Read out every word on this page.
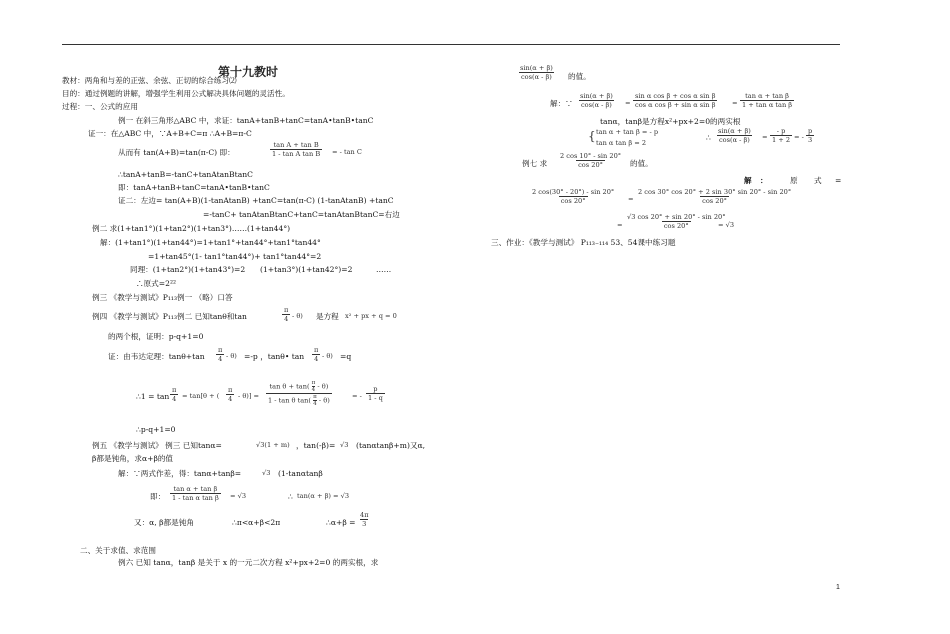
第十九教时
教材：两角和与差的正弦、余弦、正切的综合练习⑵
目的：通过例题的讲解，增强学生利用公式解决具体问题的灵活性。
过程：一、公式的应用
例一 在斜三角形△ABC 中，求证：tanA+tanB+tanC=tanA•tanB•tanC
证一：在△ABC 中，∵A+B+C=π ∴A+B=π-C
从而有 tan(A+B)=tan(π-C) 即：	$\frac{\text{tan A + tan B}}{\text{1 - tan A tan B}}$ = - tan C
∴tanA+tanB=-tanC+tanAtanBtanC
即：tanA+tanB+tanC=tanA•tanB•tanC
证二：左边= tan(A+B)(1-tanAtanB) +tanC=tan(π-C) (1-tanAtanB) +tanC
=-tanC+ tanAtanBtanC+tanC=tanAtanBtanC=右边
例二 求(1+tan1°)(1+tan2°)(1+tan3°)……(1+tan44°)
解：(1+tan1°)(1+tan44°)=1+tan1°+tan44°+tan1°tan44°
=1+tan45°(1- tan1°tan44°)+ tan1°tan44°=2
同理：(1+tan2°)(1+tan43°)=2 (1+tan3°)(1+tan42°)=2	……
∴原式=2²²
例三 《教学与测试》P₁₁₃例一 （略）口答
例四 《教学与测试》P₁₁₃例二 已知tanθ和tan	$\frac{\pi}{4} - \theta$) 是方程 x² + px + q = 0
的两个根，证明：p-q+1=0
证：由韦达定理：$\tan\theta+\tan \frac{\pi}{4} - \theta) =-p$ ，tanθ• $\tan \frac{\pi}{4} - \theta) =q$
∴1 = $\tan \frac{\pi}{4} = \tan[\theta$ + ( $\frac{\pi}{4} - \theta)] = \frac{\tan \theta + \tan( \frac{\pi}{4} - \theta)}{1 - \tan \theta \tan( \frac{\pi}{4} - \theta)}$	= - $\frac{p}{1 - q}$
∴p-q+1=0
例五 《教学与测试》 例三 已知tanα=	√3(1 + m) ，tan(-β)= √3 (tanαtanβ+m)又α,
β都是钝角，求α+β的值
解：∵两式作差，得：tanα+tanβ=	√3 (1-tanαtanβ
即： $\frac{\text{tan α + tan β}}{\text{1 - tan α tan β}} = √3$	∴ tan(α + β) = √3
又：α, β都是钝角	∴π<α+β<2π	∴α+β = $\frac{4\pi}{3}$
二、关于求值、求范围
例六 已知 tanα，tanβ 是关于 x 的一元二次方程 x²+px+2=0 的两实根，求
$\frac{\sin(\alpha + \beta)}{\cos(\alpha - \beta)}$ 的值。
解：∵ $\frac{\sin(\alpha + \beta)}{\cos(\alpha - \beta)} = \frac{\text{sin α cos β + cos α sin β}}{\text{cos α cos β + sin α sin β}} = \frac{\text{tan α + tan β}}{\text{1 + tan α tan β}}$
tanα，tanβ是方程x²+px+2=0的两实根
{ tan α + tan β = - p
tan α tan β = 2
∴ $\frac{\sin(\alpha + \beta)}{\cos(\alpha - \beta)} = \frac{- p}{1 + 2}$ = - $\frac{p}{3}$
例七 求 $\frac{2 \cos 10^\circ - \sin 20^\circ}{\cos 20^\circ}$ 的值。
解 ：	原 式 =
$\frac{2 \cos(30^\circ - 20^\circ) - \sin 20^\circ}{\cos 20^\circ} = \frac{2 \cos 30^\circ \cos 20^\circ + 2 \sin 30^\circ \sin 20^\circ - \sin 20^\circ}{\cos 20^\circ}$
= $\frac{√3 \cos 20^\circ + \sin 20^\circ - \sin 20^\circ}{\cos 20^\circ}$
= √3
三、作业：《教学与测试》 P₁₁₃₋₁₁₄ 53、54课中练习题
1
